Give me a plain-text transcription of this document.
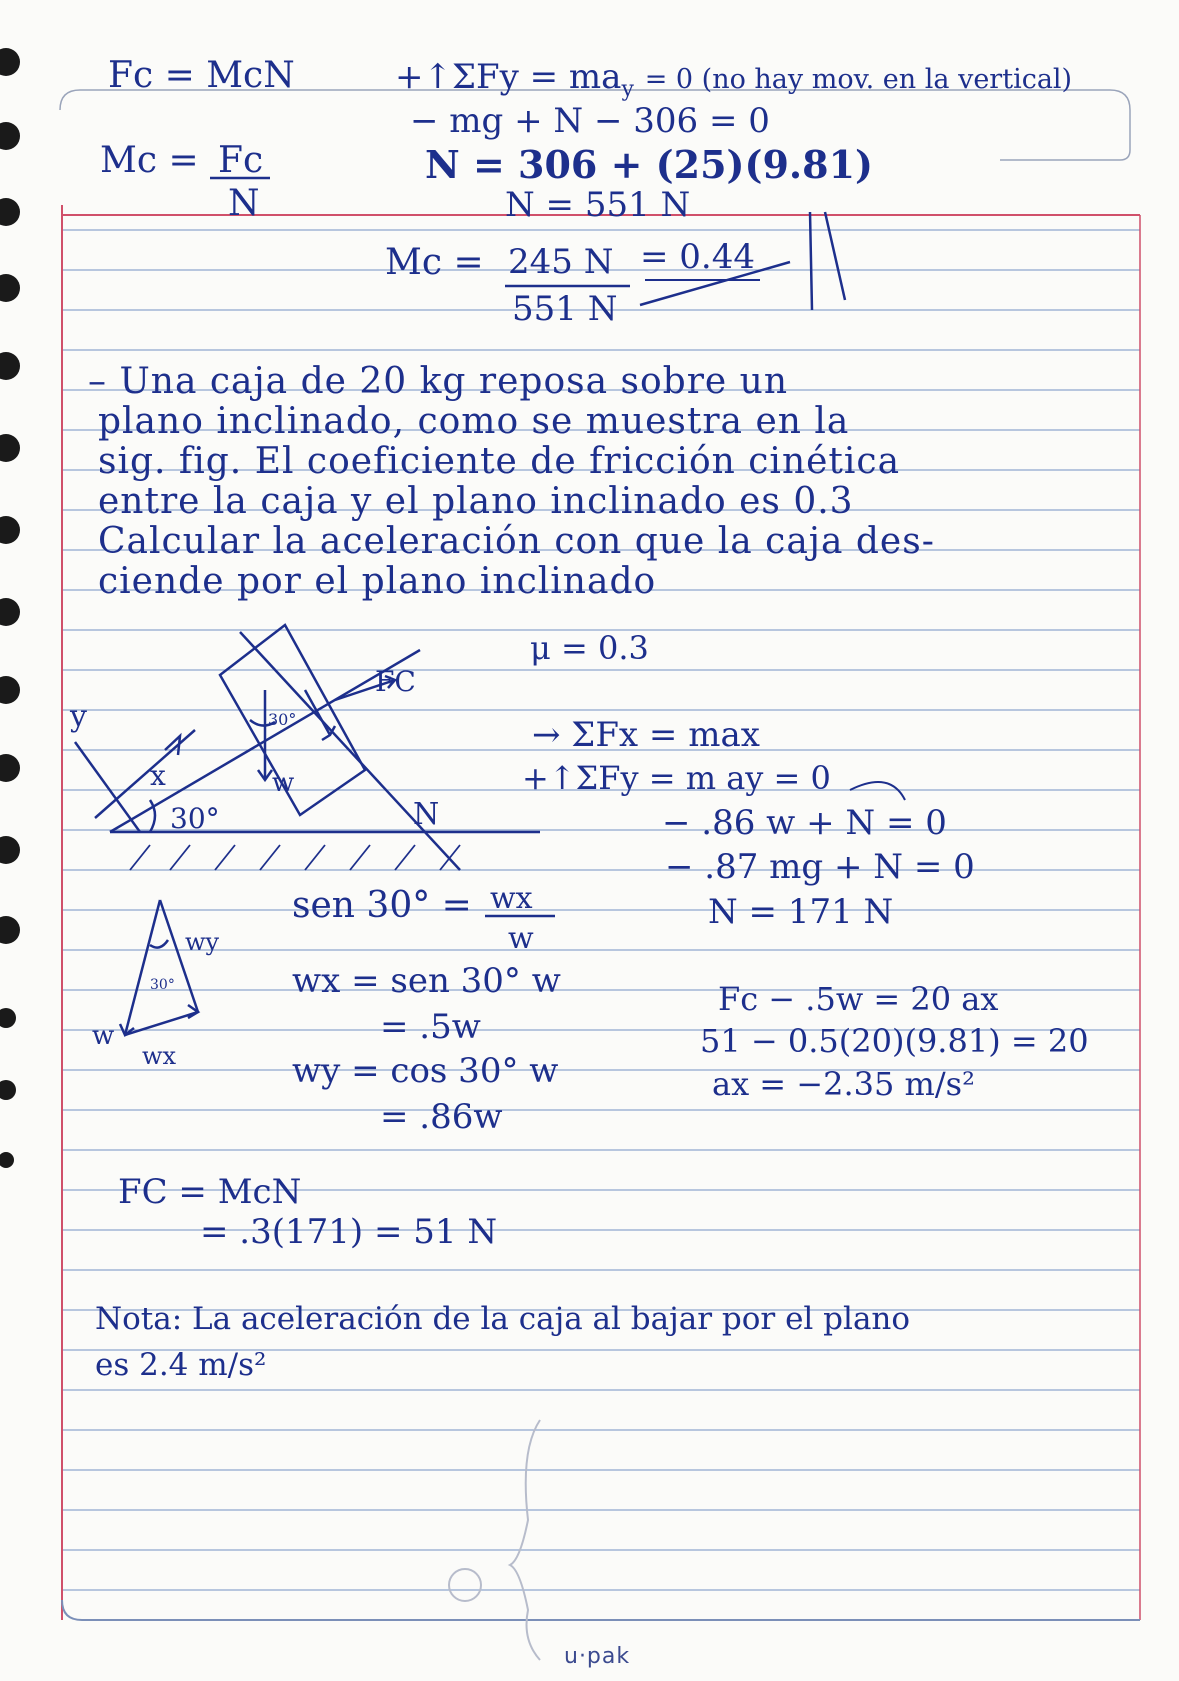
Fc = McN
Mc = Fc
N
+↑ΣFy = $ma_y = 0$ (no hay mov. en la vertical)
− mg + N − 306 = 0
N = 306 + (25)(9.81)
N = 551 N
Mc = 245 N
551 N
= 0.44
– Una caja de 20 kg reposa sobre un
plano inclinado, como se muestra en la
sig. fig. El coeficiente de fricción cinética
entre la caja y el plano inclinado es 0.3
Calcular la aceleración con que la caja des-
ciende por el plano inclinado
μ = 0.3
FC
w
N
y
x
30°
30°
w
wy
wx
30°
sen 30° = wx
w
wx = sen 30° w
= .5w
wy = cos 30° w
= .86w
→ ΣFx = max
+↑ΣFy = m ay = 0
− .86 w + N = 0
− .87 mg + N = 0
N = 171 N
Fc − .5w = 20 ax
51 − 0.5(20)(9.81) = 20
ax = −2.35 m/s²
FC = McN
= .3(171) = 51 N
Nota: La aceleración de la caja al bajar por el plano
es 2.4 m/s²
u·pak
